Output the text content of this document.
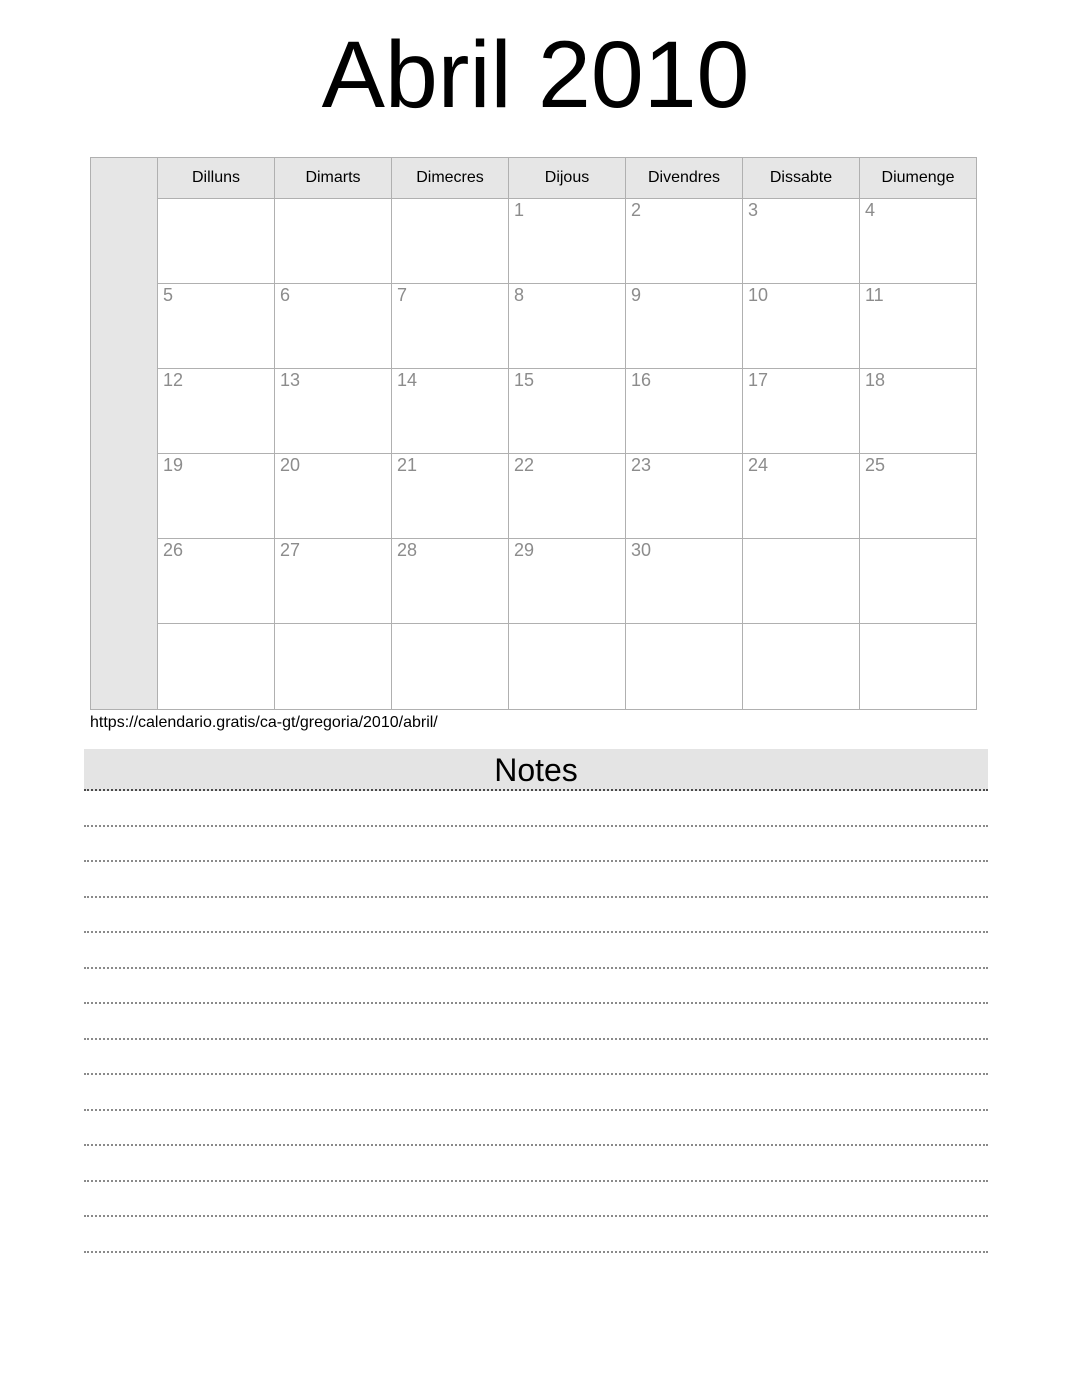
Abril 2010
	Dilluns	Dimarts	Dimecres	Dijous	Divendres	Dissabte	Diumenge
				1	2	3	4
	5	6	7	8	9	10	11
	12	13	14	15	16	17	18
	19	20	21	22	23	24	25
	26	27	28	29	30		

https://calendario.gratis/ca-gt/gregoria/2010/abril/
Notes
